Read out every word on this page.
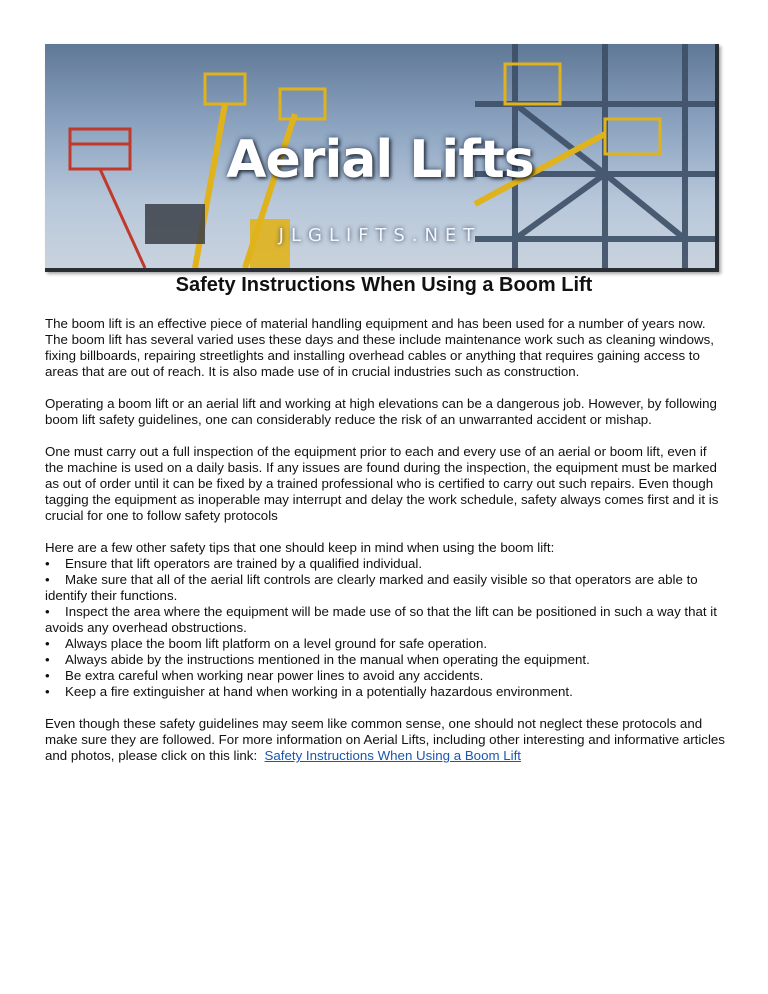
Aerial Lifts
JLGLIFTS.NET
Safety Instructions When Using a Boom Lift

The boom lift is an effective piece of material handling equipment and has been used for a number of years now. The boom lift has several varied uses these days and these include maintenance work such as cleaning windows, fixing billboards, repairing streetlights and installing overhead cables or anything that requires gaining access to areas that are out of reach. It is also made use of in crucial industries such as construction.

Operating a boom lift or an aerial lift and working at high elevations can be a dangerous job. However, by following boom lift safety guidelines, one can considerably reduce the risk of an unwarranted accident or mishap.

One must carry out a full inspection of the equipment prior to each and every use of an aerial or boom lift, even if the machine is used on a daily basis. If any issues are found during the inspection, the equipment must be marked as out of order until it can be fixed by a trained professional who is certified to carry out such repairs. Even though tagging the equipment as inoperable may interrupt and delay the work schedule, safety always comes first and it is crucial for one to follow safety protocols

Here are a few other safety tips that one should keep in mind when using the boom lift:
• Ensure that lift operators are trained by a qualified individual.
• Make sure that all of the aerial lift controls are clearly marked and easily visible so that operators are able to identify their functions.
• Inspect the area where the equipment will be made use of so that the lift can be positioned in such a way that it avoids any overhead obstructions.
• Always place the boom lift platform on a level ground for safe operation.
• Always abide by the instructions mentioned in the manual when operating the equipment.
• Be extra careful when working near power lines to avoid any accidents.
• Keep a fire extinguisher at hand when working in a potentially hazardous environment.

Even though these safety guidelines may seem like common sense, one should not neglect these protocols and make sure they are followed. For more information on Aerial Lifts, including other interesting and informative articles and photos, please click on this link: Safety Instructions When Using a Boom Lift
